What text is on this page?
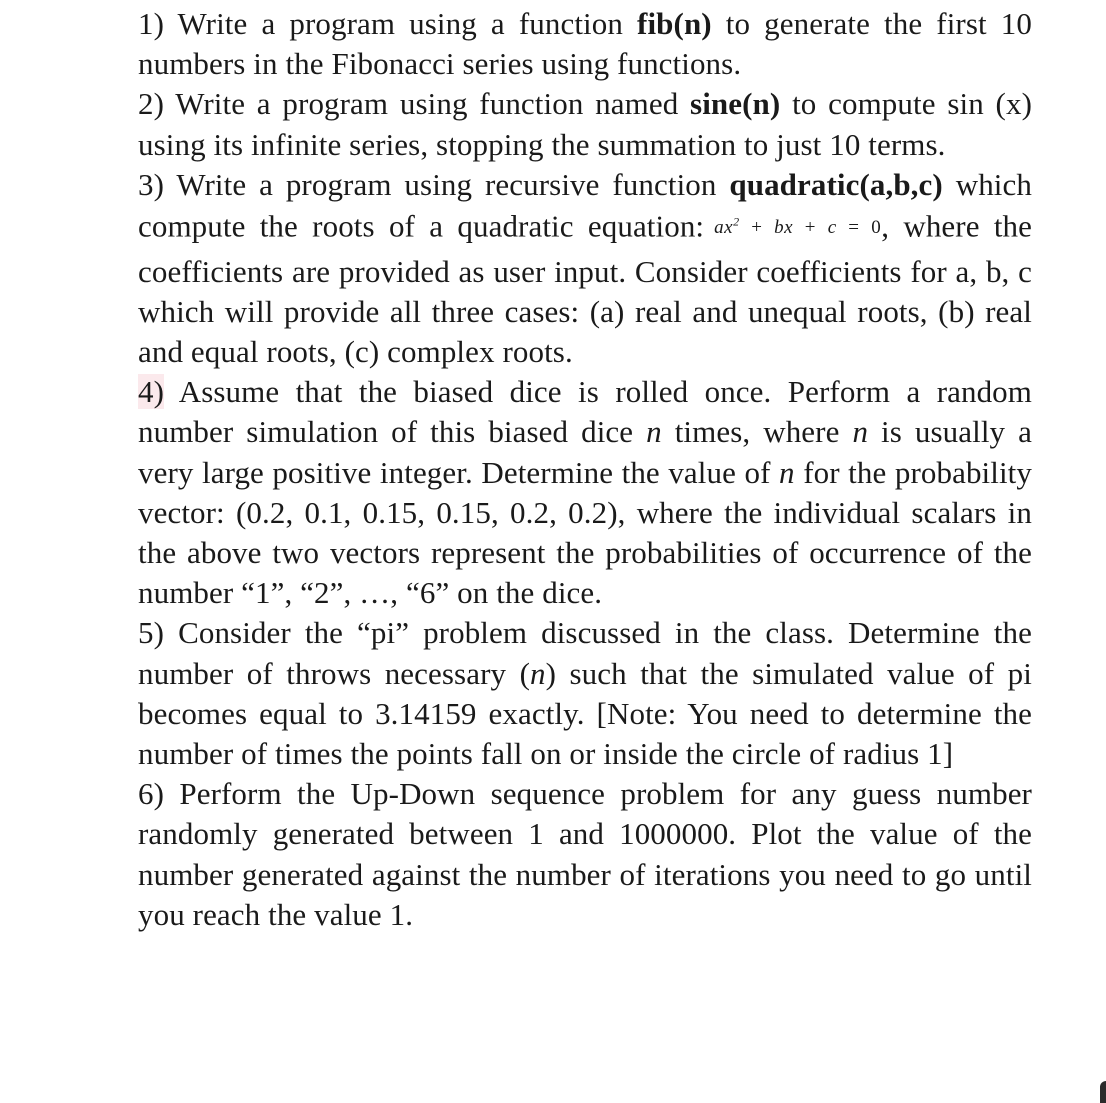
1) Write a program using a function fib(n) to generate the first 10 numbers in the Fibonacci series using functions.

2) Write a program using function named sine(n) to compute sin (x) using its infinite series, stopping the summation to just 10 terms.

3) Write a program using recursive function quadratic(a,b,c) which compute the roots of a quadratic equation: $ax^2$ + bx + c = 0, where the coefficients are provided as user input. Consider coefficients for a, b, c which will provide all three cases: (a) real and unequal roots, (b) real and equal roots, (c) complex roots.

4) Assume that the biased dice is rolled once. Perform a random number simulation of this biased dice n times, where n is usually a very large positive integer. Determine the value of n for the probability vector: (0.2, 0.1, 0.15, 0.15, 0.2, 0.2), where the individual scalars in the above two vectors represent the probabilities of occurrence of the number “1”, “2”, …, “6” on the dice.

5) Consider the “pi” problem discussed in the class. Determine the number of throws necessary (n) such that the simulated value of pi becomes equal to 3.14159 exactly. [Note: You need to determine the number of times the points fall on or inside the circle of radius 1]

6) Perform the Up-Down sequence problem for any guess number randomly generated between 1 and 1000000. Plot the value of the number generated against the number of iterations you need to go until you reach the value 1.
